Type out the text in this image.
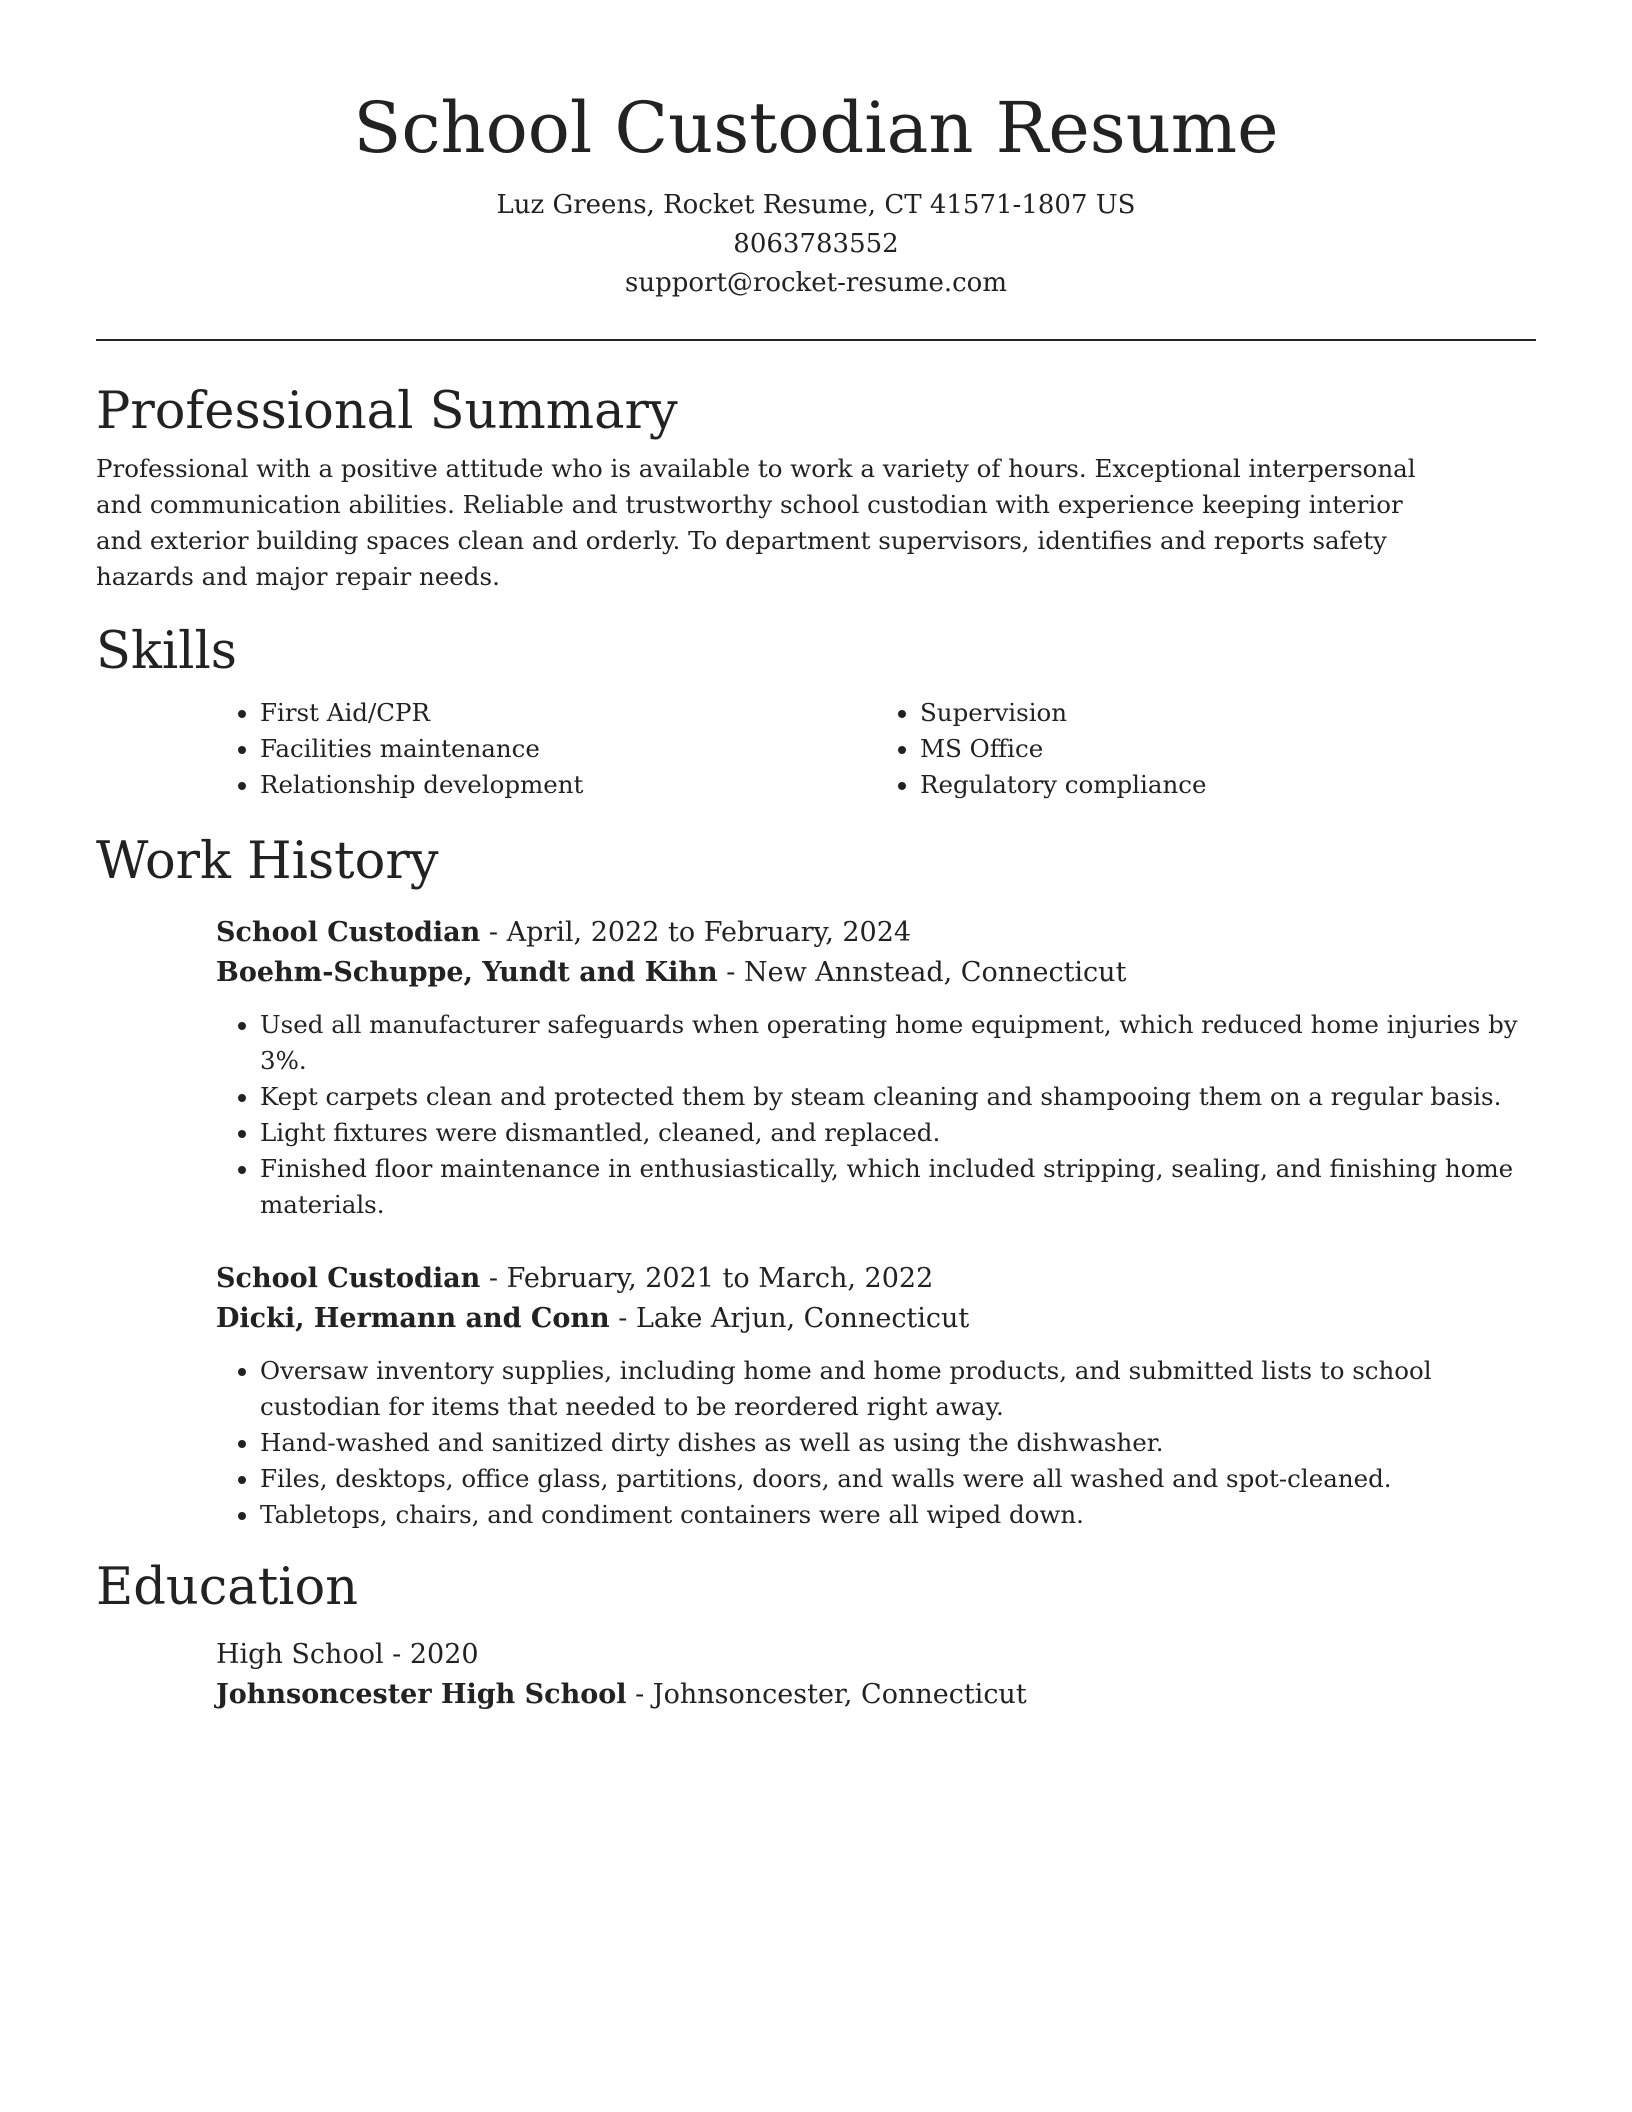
School Custodian Resume
Luz Greens, Rocket Resume, CT 41571-1807 US
8063783552
support@rocket-resume.com
Professional Summary

Professional with a positive attitude who is available to work a variety of hours. Exceptional interpersonal and communication abilities. Reliable and trustworthy school custodian with experience keeping interior and exterior building spaces clean and orderly. To department supervisors, identifies and reports safety hazards and major repair needs.

Skills
• First Aid/CPR
• Facilities maintenance
• Relationship development
• Supervision
• MS Office
• Regulatory compliance
Work History
School Custodian - April, 2022 to February, 2024
Boehm-Schuppe, Yundt and Kihn - New Annstead, Connecticut
• Used all manufacturer safeguards when operating home equipment, which reduced home injuries by 3%.
• Kept carpets clean and protected them by steam cleaning and shampooing them on a regular basis.
• Light fixtures were dismantled, cleaned, and replaced.
• Finished floor maintenance in enthusiastically, which included stripping, sealing, and finishing home materials.
School Custodian - February, 2021 to March, 2022
Dicki, Hermann and Conn - Lake Arjun, Connecticut
• Oversaw inventory supplies, including home and home products, and submitted lists to school custodian for items that needed to be reordered right away.
• Hand-washed and sanitized dirty dishes as well as using the dishwasher.
• Files, desktops, office glass, partitions, doors, and walls were all washed and spot-cleaned.
• Tabletops, chairs, and condiment containers were all wiped down.
Education
High School - 2020
Johnsoncester High School - Johnsoncester, Connecticut
